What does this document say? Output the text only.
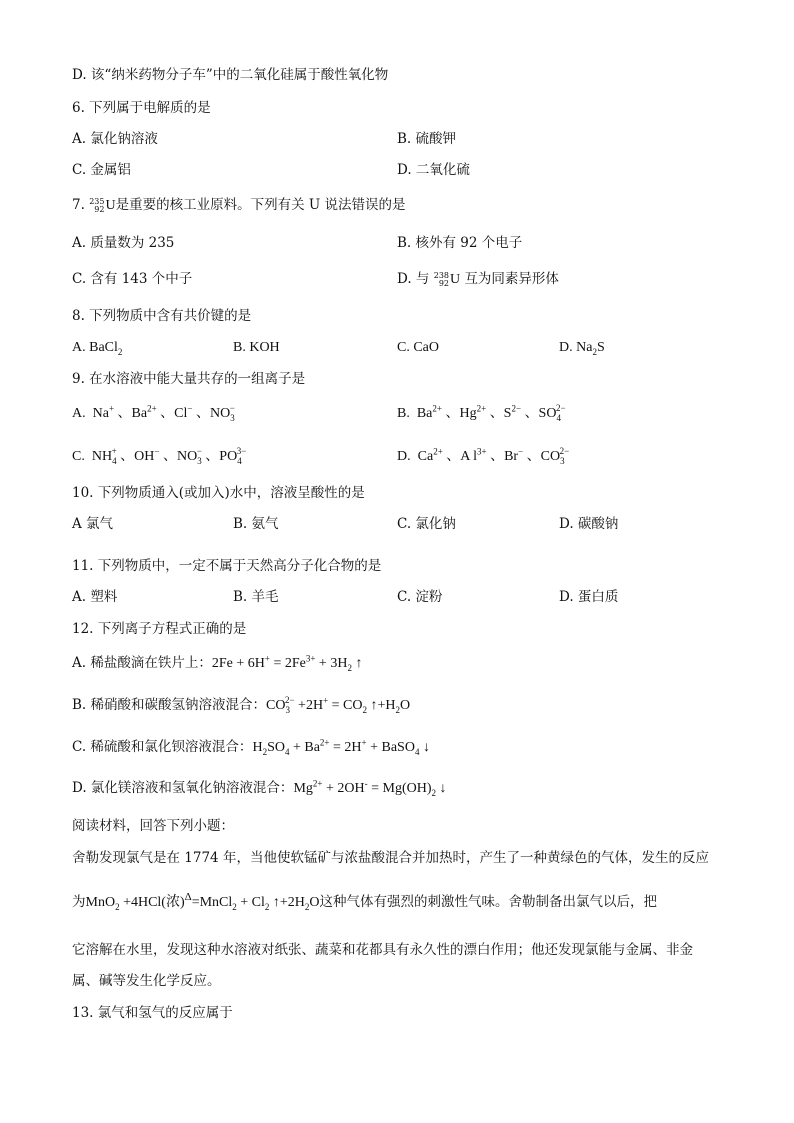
D. 该“纳米药物分子车”中的二氧化硅属于酸性氧化物
6. 下列属于电解质的是
A. 氯化钠溶液	B. 硫酸钾
C. 金属铝	D. 二氧化硫
7. 235
92 U是重要的核工业原料。下列有关 U 说法错误的是
A. 质量数为 235	B. 核外有 92 个电子
C. 含有 143 个中子	D. 与 238
92 U 互为同素异形体
8. 下列物质中含有共价键的是
A. BaCl$_2$	B. KOH	C. CaO	D. $Na_2S$
9. 在水溶液中能大量共存的一组离子是
A.  Na+ 、$Ba^{2+}$ 、Cl− 、$NO_3^-$	B.  $Ba^{2+}$ 、$Hg^{2+}$ 、$S^{2-}$ 、$SO_4^{2-}$
C.  $NH_4^+$ 、OH− 、$NO_3^-$ 、$PO_4^{3-}$	D.  $Ca^{2+}$ 、A $l^{3+}$ 、Br− 、$CO_3^{2-}$
10. 下列物质通入(或加入)水中，溶液呈酸性的是
A 氯气	B. 氨气	C. 氯化钠	D. 碳酸钠
11. 下列物质中，一定不属于天然高分子化合物的是
A. 塑料	B. 羊毛	C. 淀粉	D. 蛋白质
12. 下列离子方程式正确的是
A. 稀盐酸滴在铁片上：$2Fe + 6H^+ = 2Fe^{3+} + 3H_2$ ↑
B. 稀硝酸和碳酸氢钠溶液混合：$CO_3^{2-} +2H^+ = CO_2$ $↑+H_2O$
C. 稀硫酸和氯化钡溶液混合：$H_2SO_4 + Ba^{2+} = 2H^+$ + BaSO$_4$ ↓
D. 氯化镁溶液和氢氧化钠溶液混合：$Mg^{2+} + 2OH^- = Mg(OH)_2$ ↓
阅读材料，回答下列小题：
舍勒发现氯气是在 1774 年，当他使软锰矿与浓盐酸混合并加热时，产生了一种黄绿色的气体，发生的反应
为MnO$_2$ +4HCl(浓)Δ=MnCl$_2$ + $Cl_2$ $↑+2H_2O$这种气体有强烈的刺激性气味。舍勒制备出氯气以后，把
它溶解在水里，发现这种水溶液对纸张、蔬菜和花都具有永久性的漂白作用；他还发现氯能与金属、非金
属、碱等发生化学反应。
13. 氯气和氢气的反应属于
